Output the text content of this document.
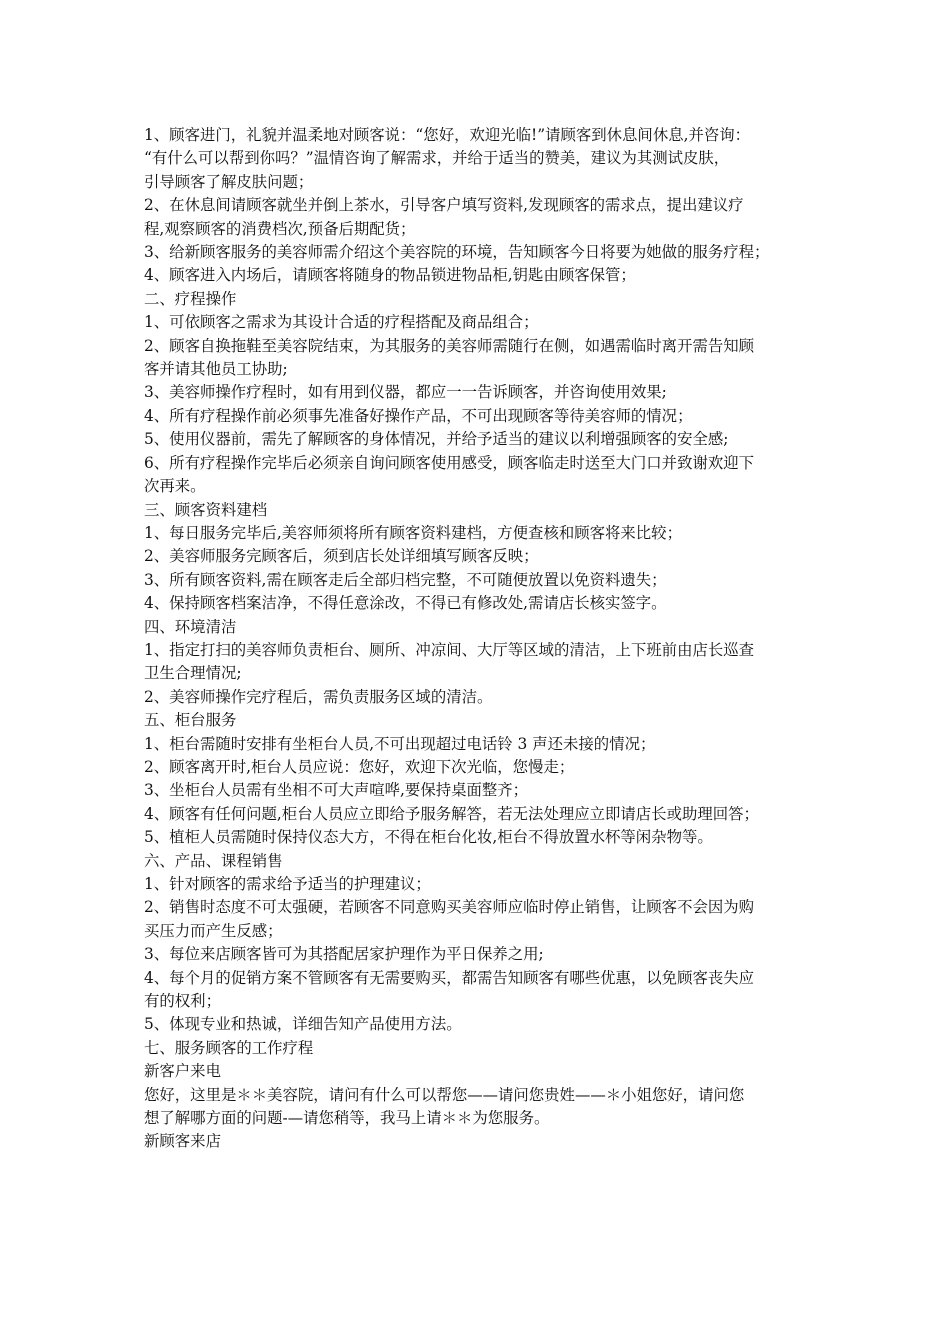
1、顾客进门，礼貌并温柔地对顾客说：“您好，欢迎光临!”请顾客到休息间休息,并咨询：

“有什么可以帮到你吗？”温情咨询了解需求，并给于适当的赞美，建议为其测试皮肤，

引导顾客了解皮肤问题；

2、在休息间请顾客就坐并倒上茶水，引导客户填写资料,发现顾客的需求点，提出建议疗

程,观察顾客的消费档次,预备后期配货；

3、给新顾客服务的美容师需介绍这个美容院的环境，告知顾客今日将要为她做的服务疗程；

4、顾客进入内场后，请顾客将随身的物品锁进物品柜,钥匙由顾客保管；

二、疗程操作

1、可依顾客之需求为其设计合适的疗程搭配及商品组合；

2、顾客自换拖鞋至美容院结束，为其服务的美容师需随行在侧，如遇需临时离开需告知顾

客并请其他员工协助;

3、美容师操作疗程时，如有用到仪器，都应一一告诉顾客，并咨询使用效果;

4、所有疗程操作前必须事先准备好操作产品，不可出现顾客等待美容师的情况；

5、使用仪器前，需先了解顾客的身体情况，并给予适当的建议以利增强顾客的安全感;

6、所有疗程操作完毕后必须亲自询问顾客使用感受，顾客临走时送至大门口并致谢欢迎下

次再来。

三、顾客资料建档

1、每日服务完毕后,美容师须将所有顾客资料建档，方便查核和顾客将来比较；

2、美容师服务完顾客后，须到店长处详细填写顾客反映；

3、所有顾客资料,需在顾客走后全部归档完整，不可随便放置以免资料遗失；

4、保持顾客档案洁净，不得任意涂改，不得已有修改处,需请店长核实签字。

四、环境清洁

1、指定打扫的美容师负责柜台、厕所、冲凉间、大厅等区域的清洁，上下班前由店长巡查

卫生合理情况;

2、美容师操作完疗程后，需负责服务区域的清洁。

五、柜台服务

1、柜台需随时安排有坐柜台人员,不可出现超过电话铃 3 声还未接的情况；

2、顾客离开时,柜台人员应说：您好，欢迎下次光临，您慢走；

3、坐柜台人员需有坐相不可大声喧哗,要保持桌面整齐；

4、顾客有任何问题,柜台人员应立即给予服务解答，若无法处理应立即请店长或助理回答；

5、植柜人员需随时保持仪态大方，不得在柜台化妆,柜台不得放置水杯等闲杂物等。

六、产品、课程销售

1、针对顾客的需求给予适当的护理建议；

2、销售时态度不可太强硬，若顾客不同意购买美容师应临时停止销售，让顾客不会因为购

买压力而产生反感；

3、每位来店顾客皆可为其搭配居家护理作为平日保养之用;

4、每个月的促销方案不管顾客有无需要购买，都需告知顾客有哪些优惠，以免顾客丧失应

有的权利；

5、体现专业和热诚，详细告知产品使用方法。

七、服务顾客的工作疗程

新客户来电

您好，这里是＊＊美容院，请问有什么可以帮您——请问您贵姓——＊小姐您好，请问您

想了解哪方面的问题-—请您稍等，我马上请＊＊为您服务。

新顾客来店
